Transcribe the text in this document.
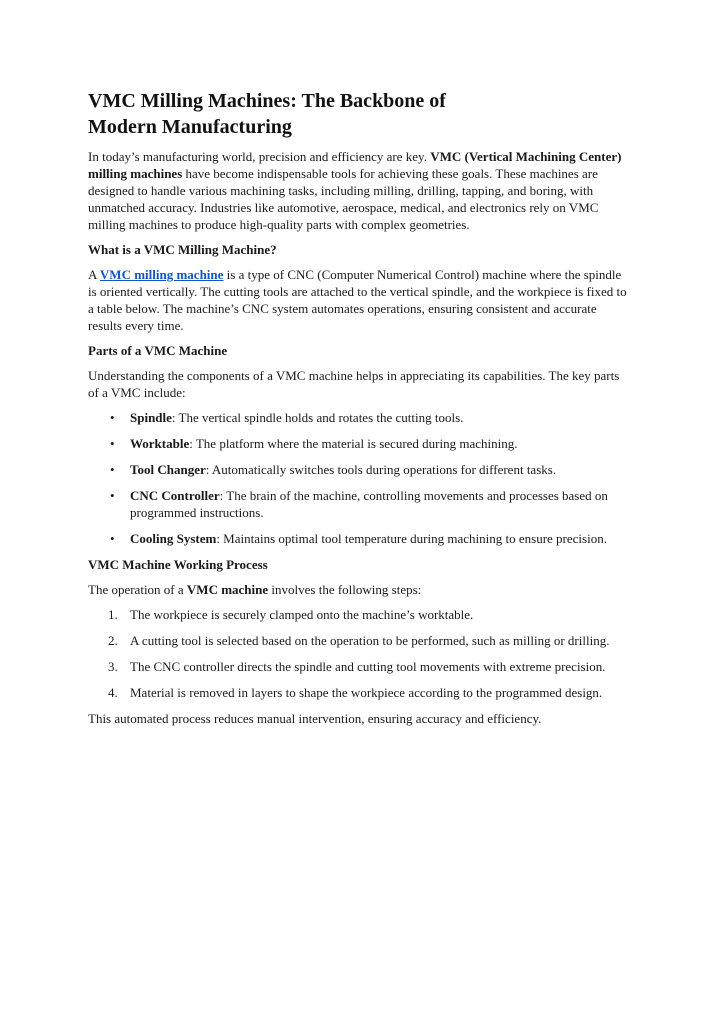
VMC Milling Machines: The Backbone of Modern Manufacturing

In today’s manufacturing world, precision and efficiency are key. VMC (Vertical Machining Center) milling machines have become indispensable tools for achieving these goals. These machines are designed to handle various machining tasks, including milling, drilling, tapping, and boring, with unmatched accuracy. Industries like automotive, aerospace, medical, and electronics rely on VMC milling machines to produce high-quality parts with complex geometries.

What is a VMC Milling Machine?

A VMC milling machine is a type of CNC (Computer Numerical Control) machine where the spindle is oriented vertically. The cutting tools are attached to the vertical spindle, and the workpiece is fixed to a table below. The machine’s CNC system automates operations, ensuring consistent and accurate results every time.

Parts of a VMC Machine

Understanding the components of a VMC machine helps in appreciating its capabilities. The key parts of a VMC include:

• Spindle: The vertical spindle holds and rotates the cutting tools.
• Worktable: The platform where the material is secured during machining.
• Tool Changer: Automatically switches tools during operations for different tasks.
• CNC Controller: The brain of the machine, controlling movements and processes based on programmed instructions.
• Cooling System: Maintains optimal tool temperature during machining to ensure precision.
VMC Machine Working Process

The operation of a VMC machine involves the following steps:

1. The workpiece is securely clamped onto the machine’s worktable.
2. A cutting tool is selected based on the operation to be performed, such as milling or drilling.
3. The CNC controller directs the spindle and cutting tool movements with extreme precision.
4. Material is removed in layers to shape the workpiece according to the programmed design.

This automated process reduces manual intervention, ensuring accuracy and efficiency.
